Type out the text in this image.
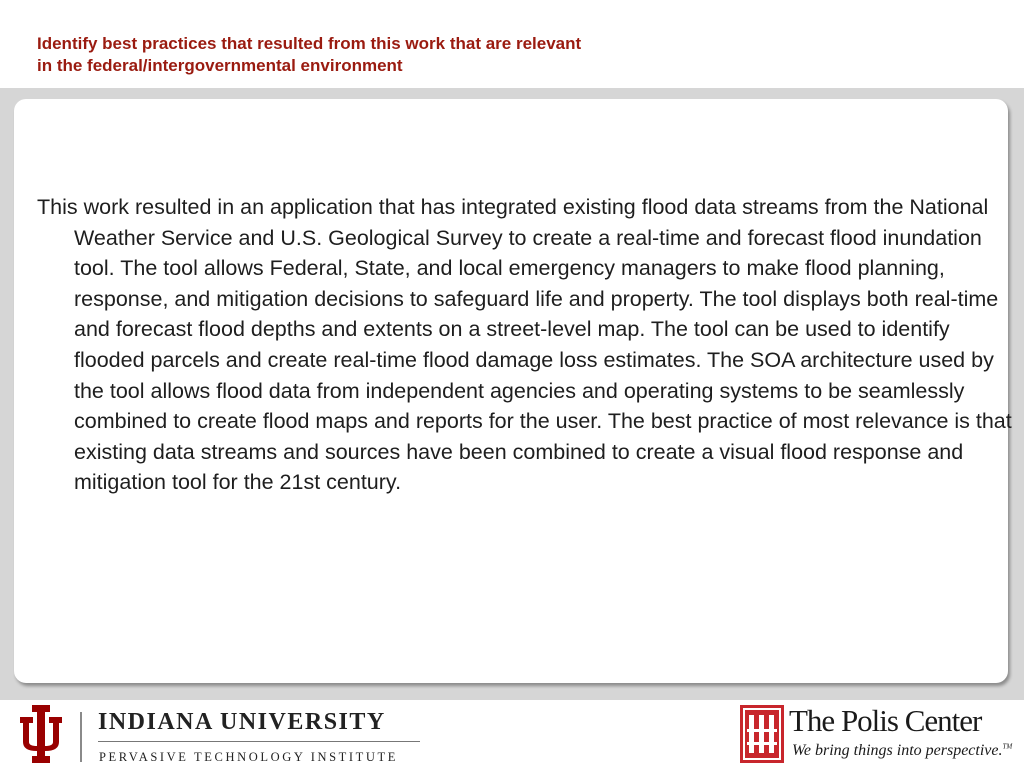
Identify best practices that resulted from this work that are relevant
in the federal/intergovernmental environment

This work resulted in an application that has integrated existing flood data streams from the National Weather Service and U.S. Geological Survey to create a real-time and forecast flood inundation tool. The tool allows Federal, State, and local emergency managers to make flood planning, response, and mitigation decisions to safeguard life and property. The tool displays both real-time and forecast flood depths and extents on a street-level map. The tool can be used to identify flooded parcels and create real-time flood damage loss estimates. The SOA architecture used by the tool allows flood data from independent agencies and operating systems to be seamlessly combined to create flood maps and reports for the user. The best practice of most relevance is that existing data streams and sources have been combined to create a visual flood response and mitigation tool for the 21st century.

INDIANA UNIVERSITY

PERVASIVE TECHNOLOGY INSTITUTE

The Polis Center

We bring things into perspective.™
